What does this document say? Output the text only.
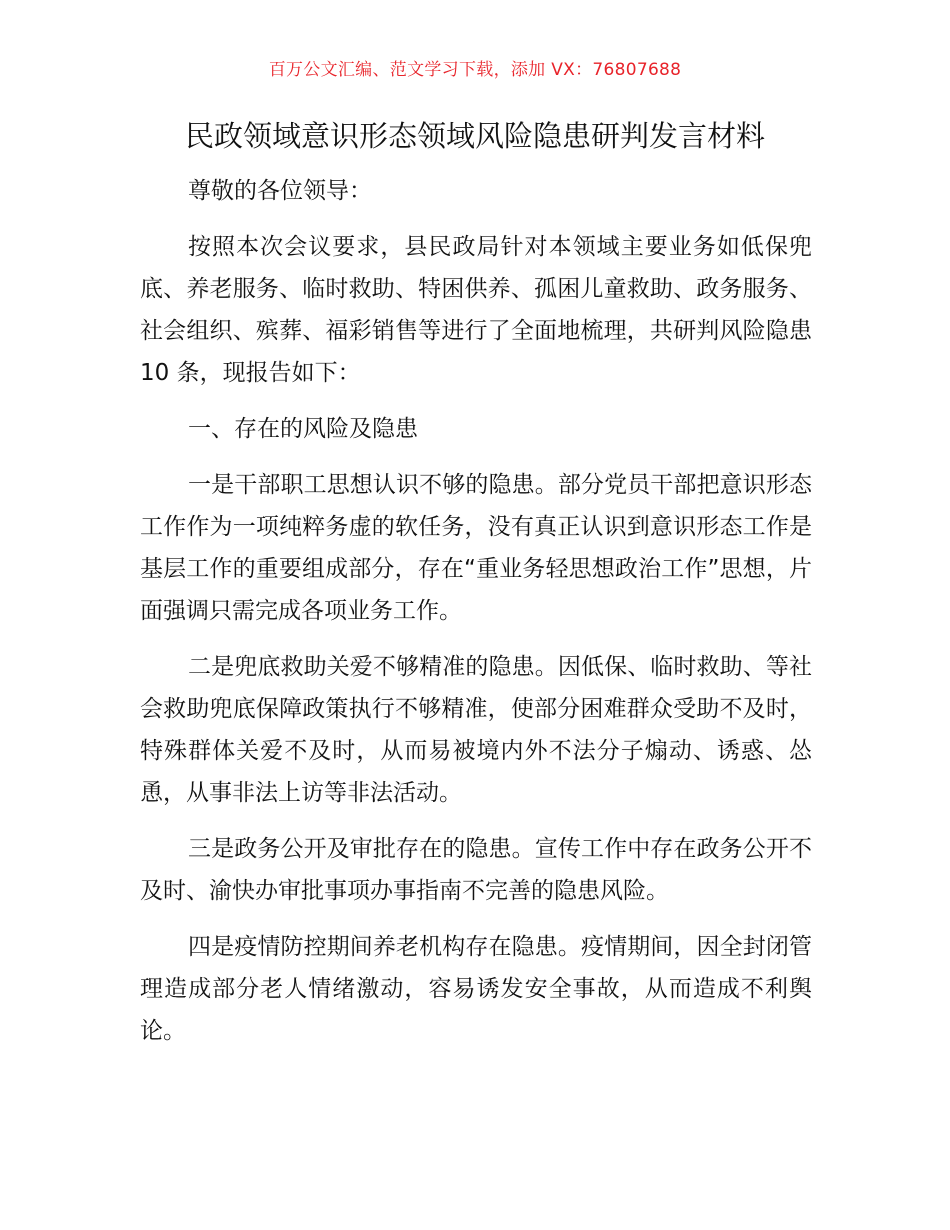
百万公文汇编、范文学习下载，添加 VX：76807688
民政领域意识形态领域风险隐患研判发言材料

尊敬的各位领导：

按照本次会议要求，县民政局针对本领域主要业务如低保兜底、养老服务、临时救助、特困供养、孤困儿童救助、政务服务、社会组织、殡葬、福彩销售等进行了全面地梳理，共研判风险隐患 10 条，现报告如下：

一、存在的风险及隐患

一是干部职工思想认识不够的隐患。部分党员干部把意识形态工作作为一项纯粹务虚的软任务，没有真正认识到意识形态工作是基层工作的重要组成部分，存在“重业务轻思想政治工作”思想，片面强调只需完成各项业务工作。

二是兜底救助关爱不够精准的隐患。因低保、临时救助、等社会救助兜底保障政策执行不够精准，使部分困难群众受助不及时，特殊群体关爱不及时，从而易被境内外不法分子煽动、诱惑、怂恿，从事非法上访等非法活动。

三是政务公开及审批存在的隐患。宣传工作中存在政务公开不及时、渝快办审批事项办事指南不完善的隐患风险。

四是疫情防控期间养老机构存在隐患。疫情期间，因全封闭管理造成部分老人情绪激动，容易诱发安全事故，从而造成不利舆论。
